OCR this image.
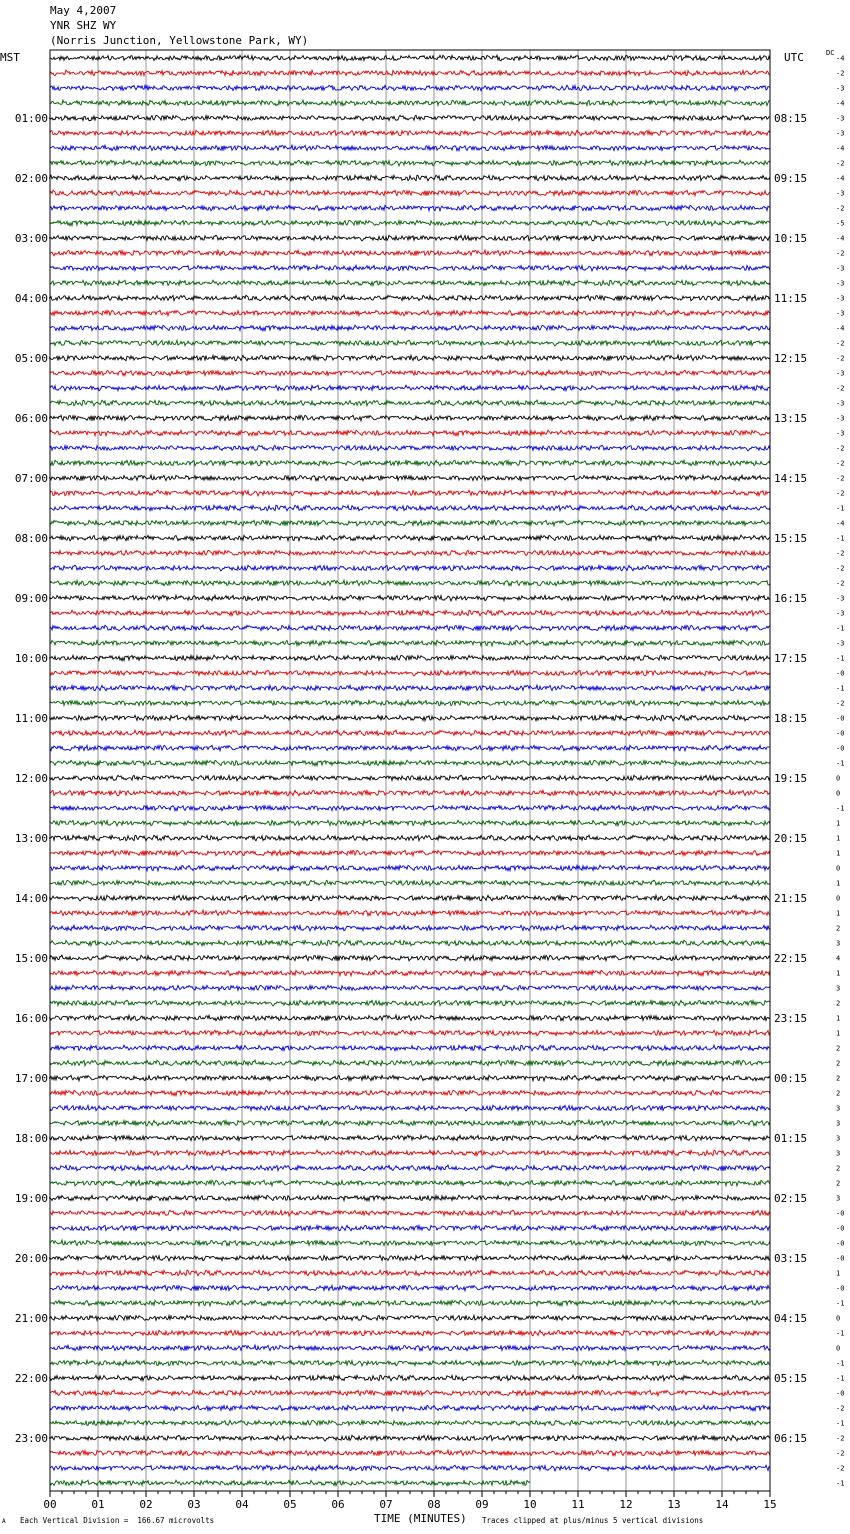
May 4,2007
YNR SHZ WY
(Norris Junction, Yellowstone Park, WY)
MST	UTC	DC
-4
-2
-3
-4
-3
-3
-4
-2
-4
-3
-2
-5
-4
-2
-3
-3
-3
-3
-4
-2
-2
-3
-2
-3
-3
-3
-2
-2
-2
-2
-1
-4
-1
-2
-2
-2
-3
-3
-1
-3
-1
-0
-1
-2
-0
-0
-0
-1
0
0
-1
1
1
1
0
1
0
1
2
3
4
1
3
2
1
1
2
2
2
2
3
3
3
3
2
2
3
-0
-0
-0
-0
1
-0
-1
0
-1
0
-1
-1
-0
-2
-1
-2
-2
-2
-1
01:00
02:00
03:00
04:00
05:00
06:00
07:00
08:00
09:00
10:00
11:00
12:00
13:00
14:00
15:00
16:00
17:00
18:00
19:00
20:00
21:00
22:00
23:00
08:15
09:15
10:15
11:15
12:15
13:15
14:15
15:15
16:15
17:15
18:15
19:15
20:15
21:15
22:15
23:15
00:15
01:15
02:15
03:15
04:15
05:15
06:15
00	01	02	03	04	05	06	07	08	09	10	11	12	13	14	15
A Each Vertical Division =  166.67 microvolts	TIME (MINUTES) Traces clipped at plus/minus 5 vertical divisions
